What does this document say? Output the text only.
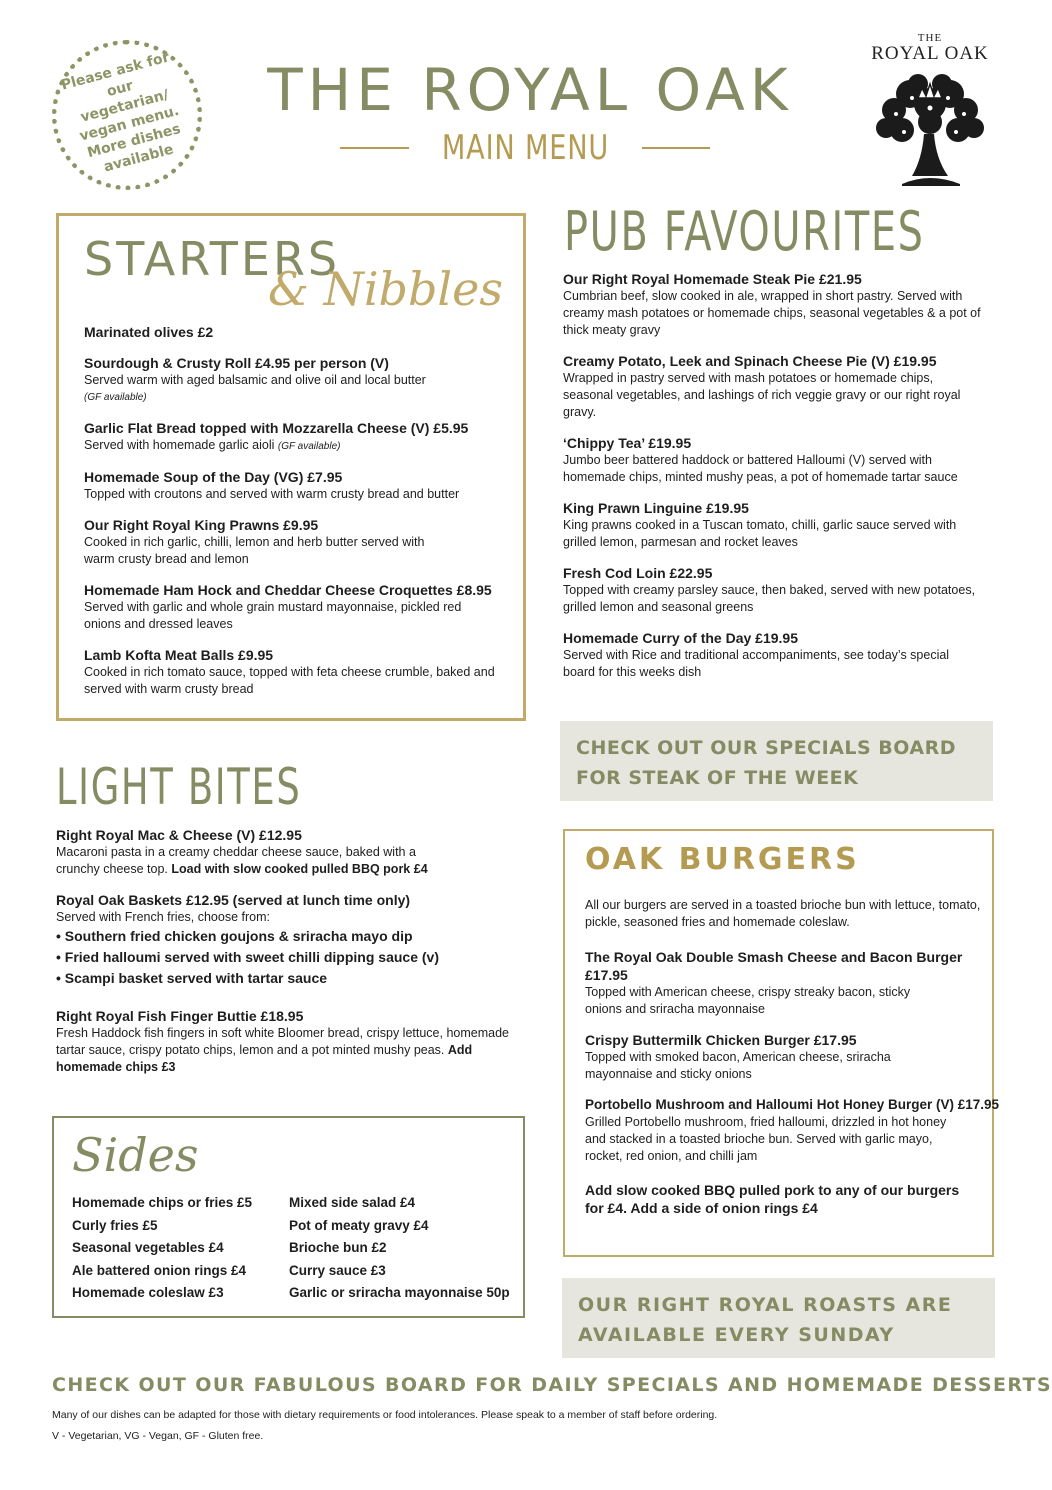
Please ask for our vegetarian/ vegan menu. More dishes available
THE ROYAL OAK
MAIN MENU
THE
ROYAL OAK
STARTERS
& Nibbles
Marinated olives £2
Sourdough & Crusty Roll £4.95 per person (V)
Served warm with aged balsamic and olive oil and local butter
(GF available)
Garlic Flat Bread topped with Mozzarella Cheese (V) £5.95
Served with homemade garlic aioli (GF available)
Homemade Soup of the Day (VG) £7.95
Topped with croutons and served with warm crusty bread and butter
Our Right Royal King Prawns £9.95
Cooked in rich garlic, chilli, lemon and herb butter served with warm crusty bread and lemon
Homemade Ham Hock and Cheddar Cheese Croquettes £8.95
Served with garlic and whole grain mustard mayonnaise, pickled red onions and dressed leaves
Lamb Kofta Meat Balls £9.95
Cooked in rich tomato sauce, topped with feta cheese crumble, baked and served with warm crusty bread
PUB FAVOURITES
Our Right Royal Homemade Steak Pie £21.95
Cumbrian beef, slow cooked in ale, wrapped in short pastry. Served with creamy mash potatoes or homemade chips, seasonal vegetables & a pot of thick meaty gravy
Creamy Potato, Leek and Spinach Cheese Pie (V) £19.95
Wrapped in pastry served with mash potatoes or homemade chips, seasonal vegetables, and lashings of rich veggie gravy or our right royal gravy.
‘Chippy Tea’ £19.95
Jumbo beer battered haddock or battered Halloumi (V) served with homemade chips, minted mushy peas, a pot of homemade tartar sauce
King Prawn Linguine £19.95
King prawns cooked in a Tuscan tomato, chilli, garlic sauce served with grilled lemon, parmesan and rocket leaves
Fresh Cod Loin £22.95
Topped with creamy parsley sauce, then baked, served with new potatoes, grilled lemon and seasonal greens
Homemade Curry of the Day £19.95
Served with Rice and traditional accompaniments, see today’s special board for this weeks dish
CHECK OUT OUR SPECIALS BOARD
FOR STEAK OF THE WEEK
LIGHT BITES
Right Royal Mac & Cheese (V) £12.95
Macaroni pasta in a creamy cheddar cheese sauce, baked with a crunchy cheese top. Load with slow cooked pulled BBQ pork £4
Royal Oak Baskets £12.95 (served at lunch time only)
Served with French fries, choose from:
• Southern fried chicken goujons & sriracha mayo dip
• Fried halloumi served with sweet chilli dipping sauce (v)
• Scampi basket served with tartar sauce
Right Royal Fish Finger Buttie £18.95
Fresh Haddock fish fingers in soft white Bloomer bread, crispy lettuce, homemade tartar sauce, crispy potato chips, lemon and a pot minted mushy peas. Add homemade chips £3
Sides
Homemade chips or fries £5
Curly fries £5
Seasonal vegetables £4
Ale battered onion rings £4
Homemade coleslaw £3
Mixed side salad £4
Pot of meaty gravy £4
Brioche bun £2
Curry sauce £3
Garlic or sriracha mayonnaise 50p
OAK BURGERS
All our burgers are served in a toasted brioche bun with lettuce, tomato, pickle, seasoned fries and homemade coleslaw.
The Royal Oak Double Smash Cheese and Bacon Burger £17.95
Topped with American cheese, crispy streaky bacon, sticky onions and sriracha mayonnaise
Crispy Buttermilk Chicken Burger £17.95
Topped with smoked bacon, American cheese, sriracha mayonnaise and sticky onions
Portobello Mushroom and Halloumi Hot Honey Burger (V) £17.95
Grilled Portobello mushroom, fried halloumi, drizzled in hot honey and stacked in a toasted brioche bun. Served with garlic mayo, rocket, red onion, and chilli jam
Add slow cooked BBQ pulled pork to any of our burgers for £4. Add a side of onion rings £4
OUR RIGHT ROYAL ROASTS ARE
AVAILABLE EVERY SUNDAY
CHECK OUT OUR FABULOUS BOARD FOR DAILY SPECIALS AND HOMEMADE DESSERTS
Many of our dishes can be adapted for those with dietary requirements or food intolerances. Please speak to a member of staff before ordering.
V - Vegetarian, VG - Vegan, GF - Gluten free.
